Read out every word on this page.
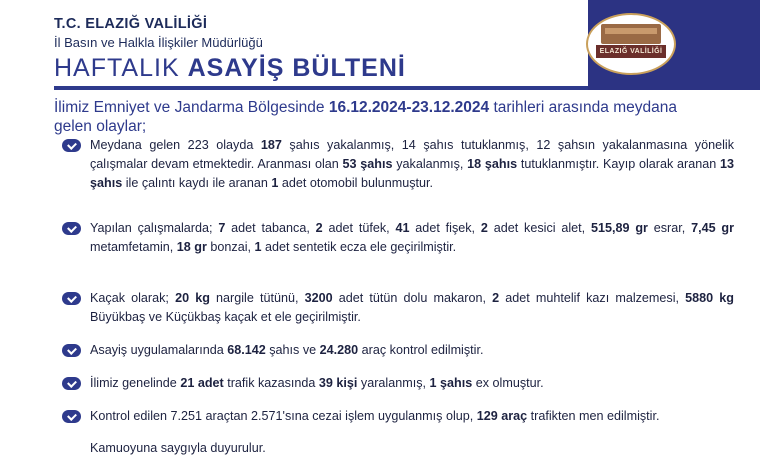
T.C. ELAZIĞ VALİLİĞİ
İl Basın ve Halkla İlişkiler Müdürlüğü
HAFTALIK ASAYİŞ BÜLTENİ
ELAZIĞ VALİLİĞİ
İlimiz Emniyet ve Jandarma Bölgesinde 16.12.2024-23.12.2024 tarihleri arasında meydana gelen olaylar;
Meydana gelen 223 olayda 187 şahıs yakalanmış, 14 şahıs tutuklanmış, 12 şahsın yakalanmasına yönelik çalışmalar devam etmektedir. Aranması olan 53 şahıs yakalanmış, 18 şahıs tutuklanmıştır. Kayıp olarak aranan 13 şahıs ile çalıntı kaydı ile aranan 1 adet otomobil bulunmuştur.
Yapılan çalışmalarda; 7 adet tabanca, 2 adet tüfek, 41 adet fişek, 2 adet kesici alet, 515,89 gr esrar, 7,45 gr metamfetamin, 18 gr bonzai, 1 adet sentetik ecza ele geçirilmiştir.
Kaçak olarak; 20 kg nargile tütünü, 3200 adet tütün dolu makaron, 2 adet muhtelif kazı malzemesi, 5880 kg Büyükbaş ve Küçükbaş kaçak et ele geçirilmiştir.
Asayiş uygulamalarında 68.142 şahıs ve 24.280 araç kontrol edilmiştir.
İlimiz genelinde 21 adet trafik kazasında 39 kişi yaralanmış, 1 şahıs ex olmuştur.
Kontrol edilen 7.251 araçtan 2.571'sına cezai işlem uygulanmış olup, 129 araç trafikten men edilmiştir.
Kamuoyuna saygıyla duyurulur.
